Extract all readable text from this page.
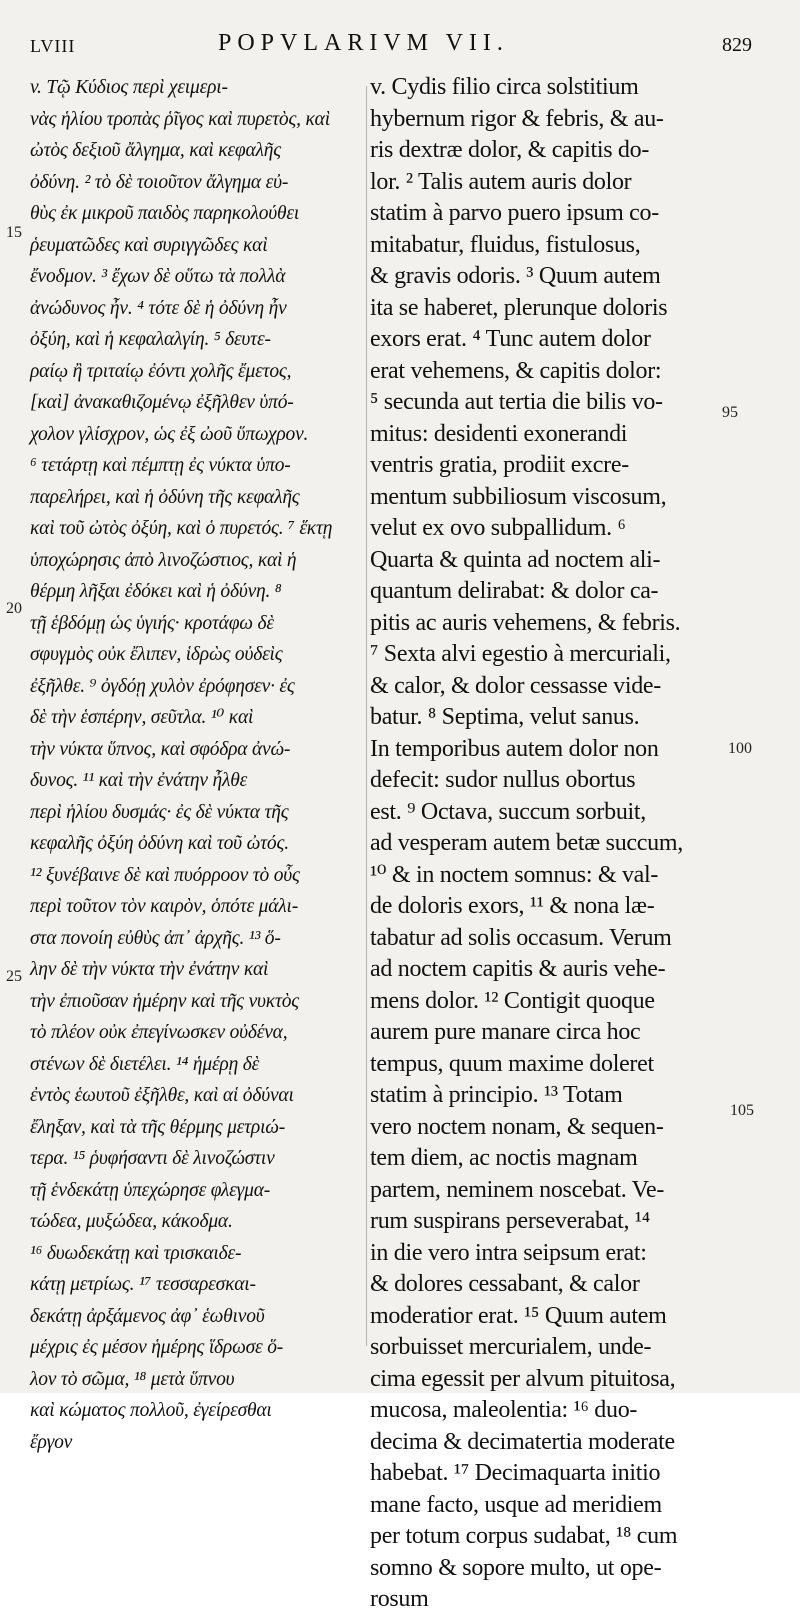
LVIII	POPVLARIVM VII.	829
v. Τῷ Κύδιος περὶ χειμερι-
νὰς ἡλίου τροπὰς ῥῖγος καὶ πυρετὸς, καὶ
ὠτὸς δεξιοῦ ἄλγημα, καὶ κεφαλῆς
ὀδύνη. ² τὸ δὲ τοιοῦτον ἄλγημα εὐ-
θὺς ἐκ μικροῦ παιδὸς παρηκολούθει
ῥευματῶδες καὶ συριγγῶδες καὶ
ἔνοδμον. ³ ἔχων δὲ οὕτω τὰ πολλὰ
ἀνώδυνος ἦν. ⁴ τότε δὲ ἡ ὀδύνη ἦν
ὀξύη, καὶ ἡ κεφαλαλγίη. ⁵ δευτε-
ραίῳ ἢ τριταίῳ ἐόντι χολῆς ἔμετος,
[καὶ] ἀνακαθιζομένῳ ἐξῆλθεν ὑπό-
χολον γλίσχρον, ὡς ἐξ ὠοῦ ὕπωχρον.
⁶ τετάρτῃ καὶ πέμπτῃ ἐς νύκτα ὑπο-
παρελήρει, καὶ ἡ ὀδύνη τῆς κεφαλῆς
καὶ τοῦ ὠτὸς ὀξύη, καὶ ὁ πυρετός. ⁷ ἕκτῃ
ὑποχώρησις ἀπὸ λινοζώστιος, καὶ ἡ
θέρμη λῆξαι ἐδόκει καὶ ἡ ὀδύνη. ⁸
τῇ ἑβδόμῃ ὡς ὑγιής· κροτάφω δὲ
σφυγμὸς οὐκ ἔλιπεν, ἱδρὼς οὐδεὶς
ἐξῆλθε. ⁹ ὀγδόῃ χυλὸν ἐρόφησεν· ἐς
δὲ τὴν ἑσπέρην, σεῦτλα. ¹⁰ καὶ
τὴν νύκτα ὕπνος, καὶ σφόδρα ἀνώ-
δυνος. ¹¹ καὶ τὴν ἐνάτην ἦλθε
περὶ ἡλίου δυσμάς· ἐς δὲ νύκτα τῆς
κεφαλῆς ὀξύη ὀδύνη καὶ τοῦ ὠτός.
¹² ξυνέβαινε δὲ καὶ πυόρροον τὸ οὖς
περὶ τοῦτον τὸν καιρὸν, ὁπότε μάλι-
στα πονοίη εὐθὺς ἀπ᾽ ἀρχῆς. ¹³ ὅ-
λην δὲ τὴν νύκτα τὴν ἐνάτην καὶ
τὴν ἐπιοῦσαν ἡμέρην καὶ τῆς νυκτὸς
τὸ πλέον οὐκ ἐπεγίνωσκεν οὐδένα,
στένων δὲ διετέλει. ¹⁴ ἡμέρῃ δὲ
ἐντὸς ἑωυτοῦ ἐξῆλθε, καὶ αἱ ὀδύναι
ἔληξαν, καὶ τὰ τῆς θέρμης μετριώ-
τερα. ¹⁵ ῥυφήσαντι δὲ λινοζώστιν
τῇ ἑνδεκάτῃ ὑπεχώρησε φλεγμα-
τώδεα, μυξώδεα, κάκοδμα.
¹⁶ δυωδεκάτῃ καὶ τρισκαιδε-
κάτῃ μετρίως. ¹⁷ τεσσαρεσκαι-
δεκάτῃ ἀρξάμενος ἀφ᾽ ἑωθινοῦ
μέχρις ἐς μέσον ἡμέρης ἵδρωσε ὅ-
λον τὸ σῶμα, ¹⁸ μετὰ ὕπνου
καὶ κώματος πολλοῦ, ἐγείρεσθαι
ἔργον
v. Cydis filio circa solstitium
hybernum rigor & febris, & au-
ris dextræ dolor, & capitis do-
lor. ² Talis autem auris dolor
statim à parvo puero ipsum co-
mitabatur, fluidus, fistulosus,
& gravis odoris. ³ Quum autem
ita se haberet, plerunque doloris
exors erat. ⁴ Tunc autem dolor
erat vehemens, & capitis dolor:
⁵ secunda aut tertia die bilis vo-
mitus: desidenti exonerandi
ventris gratia, prodiit excre-
mentum subbiliosum viscosum,
velut ex ovo subpallidum. ⁶
Quarta & quinta ad noctem ali-
quantum delirabat: & dolor ca-
pitis ac auris vehemens, & febris.
⁷ Sexta alvi egestio à mercuriali,
& calor, & dolor cessasse vide-
batur. ⁸ Septima, velut sanus.
In temporibus autem dolor non
defecit: sudor nullus obortus
est. ⁹ Octava, succum sorbuit,
ad vesperam autem betæ succum,
¹⁰ & in noctem somnus: & val-
de doloris exors, ¹¹ & nona læ-
tabatur ad solis occasum. Verum
ad noctem capitis & auris vehe-
mens dolor. ¹² Contigit quoque
aurem pure manare circa hoc
tempus, quum maxime doleret
statim à principio. ¹³ Totam
vero noctem nonam, & sequen-
tem diem, ac noctis magnam
partem, neminem noscebat. Ve-
rum suspirans perseverabat, ¹⁴
in die vero intra seipsum erat:
& dolores cessabant, & calor
moderatior erat. ¹⁵ Quum autem
sorbuisset mercurialem, unde-
cima egessit per alvum pituitosa,
mucosa, maleolentia: ¹⁶ duo-
decima & decimatertia moderate
habebat. ¹⁷ Decimaquarta initio
mane facto, usque ad meridiem
per totum corpus sudabat, ¹⁸ cum
somno & sopore multo, ut ope-
rosum
15
20
25
95
100
105
